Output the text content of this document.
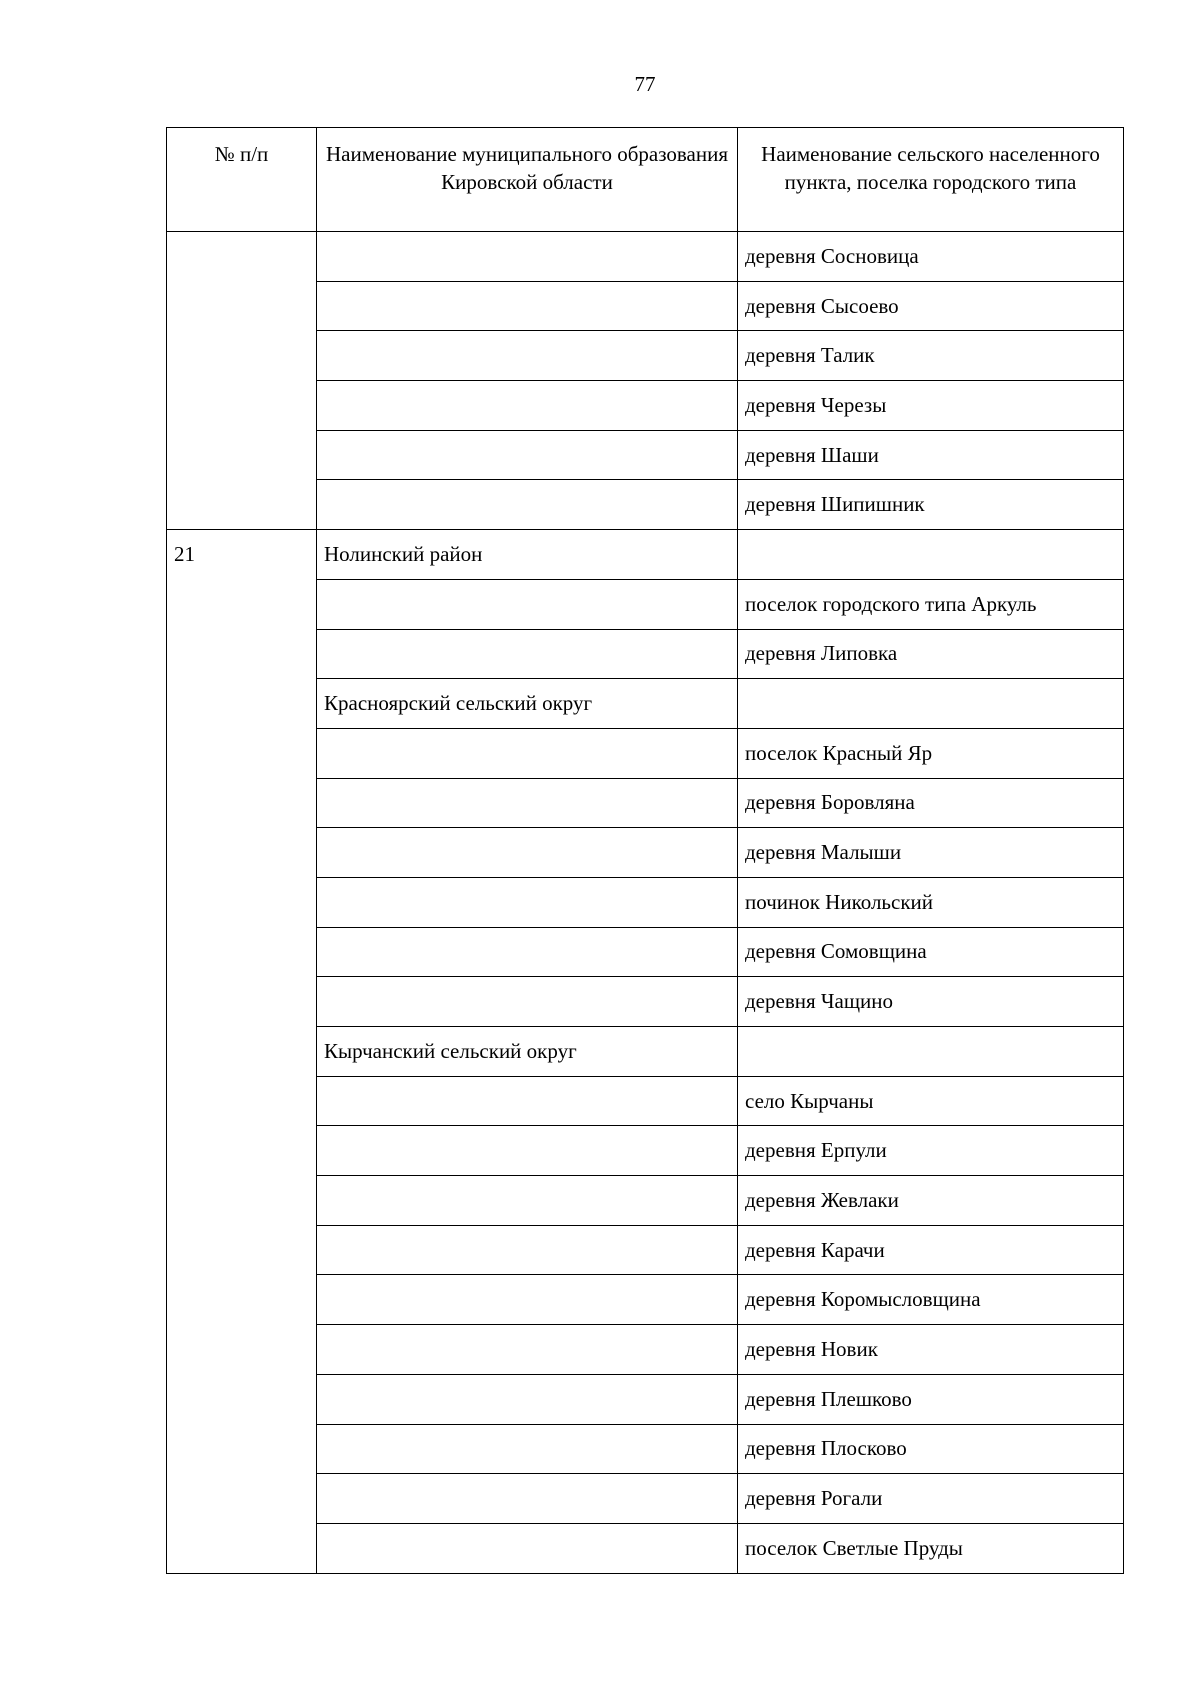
77
№ п/п	Наименование муниципального образования Кировской области	Наименование сельского населенного пункта, поселка городского типа
		деревня Сосновица
		деревня Сысоево
		деревня Талик
		деревня Черезы
		деревня Шаши
		деревня Шипишник
21	Нолинский район	
		поселок городского типа Аркуль
		деревня Липовка
	Красноярский сельский округ	
		поселок Красный Яр
		деревня Боровляна
		деревня Малыши
		починок Никольский
		деревня Сомовщина
		деревня Чащино
	Кырчанский сельский округ	
		село Кырчаны
		деревня Ерпули
		деревня Жевлаки
		деревня Карачи
		деревня Коромысловщина
		деревня Новик
		деревня Плешково
		деревня Плосково
		деревня Рогали
		поселок Светлые Пруды
